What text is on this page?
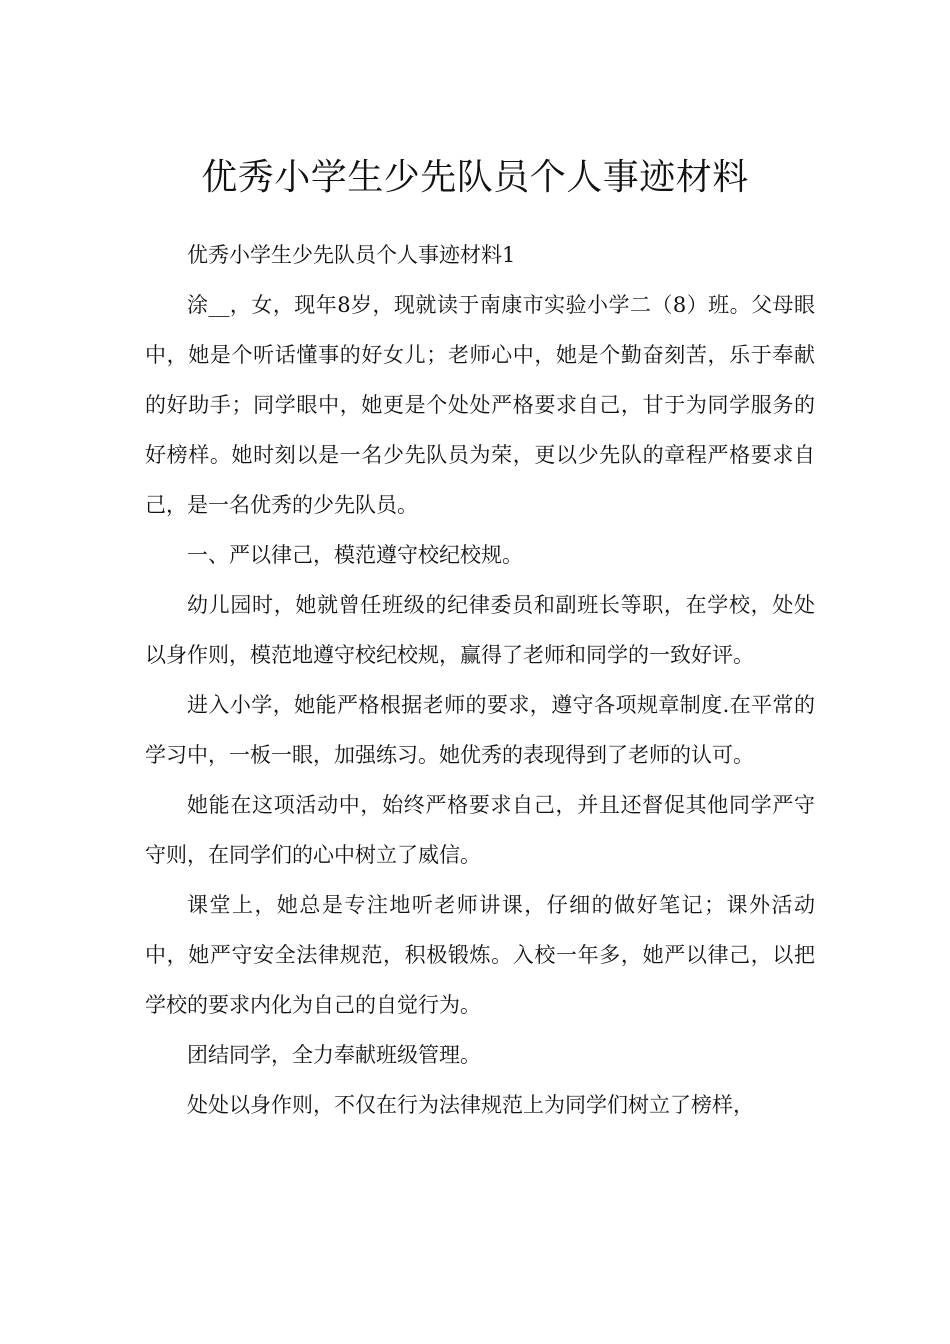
优秀小学生少先队员个人事迹材料

优秀小学生少先队员个人事迹材料1

涂__，女，现年8岁，现就读于南康市实验小学二（8）班。父母眼中，她是个听话懂事的好女儿；老师心中，她是个勤奋刻苦，乐于奉献的好助手；同学眼中，她更是个处处严格要求自己，甘于为同学服务的好榜样。她时刻以是一名少先队员为荣，更以少先队的章程严格要求自己，是一名优秀的少先队员。

一、严以律己，模范遵守校纪校规。

幼儿园时，她就曾任班级的纪律委员和副班长等职，在学校，处处以身作则，模范地遵守校纪校规，赢得了老师和同学的一致好评。

进入小学，她能严格根据老师的要求，遵守各项规章制度.在平常的学习中，一板一眼，加强练习。她优秀的表现得到了老师的认可。

她能在这项活动中，始终严格要求自己，并且还督促其他同学严守守则，在同学们的心中树立了威信。

课堂上，她总是专注地听老师讲课，仔细的做好笔记；课外活动中，她严守安全法律规范，积极锻炼。入校一年多，她严以律己，以把学校的要求内化为自己的自觉行为。

团结同学，全力奉献班级管理。

处处以身作则，不仅在行为法律规范上为同学们树立了榜样，
